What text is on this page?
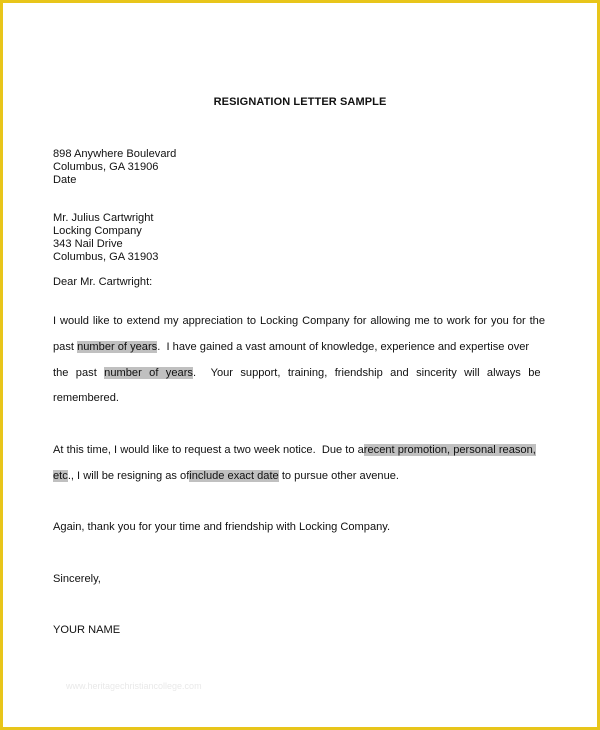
RESIGNATION LETTER SAMPLE
898 Anywhere Boulevard
Columbus, GA 31906
Date
Mr. Julius Cartwright
Locking Company
343 Nail Drive
Columbus, GA 31903
Dear Mr. Cartwright:
I would like to extend my appreciation to Locking Company for allowing me to work for you for the
past number of years.  I have gained a vast amount of knowledge, experience and expertise over
the past number of years.  Your support, training, friendship and sincerity will always be
remembered.
At this time, I would like to request a two week notice.  Due to arecent promotion, personal reason,
etc., I will be resigning as ofinclude exact date to pursue other avenue.
Again, thank you for your time and friendship with Locking Company.
Sincerely,
YOUR NAME
www.heritagechristiancollege.com
